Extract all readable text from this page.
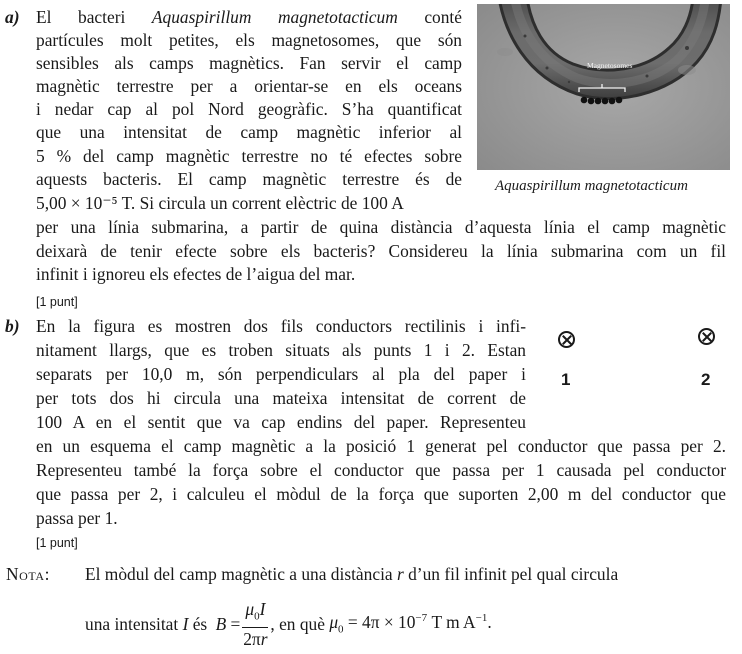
a) El bacteri Aquaspirillum magnetotacticum conté
partícules molt petites, els magnetosomes, que són
sensibles als camps magnètics. Fan servir el camp
magnètic terrestre per a orientar-se en els oceans
i nedar cap al pol Nord geogràfic. S’ha quantificat
que una intensitat de camp magnètic inferior al
5 % del camp magnètic terrestre no té efectes sobre
aquests bacteris. El camp magnètic terrestre és de
5,00 × 10⁻⁵ T. Si circula un corrent elèctric de 100 A
per una línia submarina, a partir de quina distància d’aquesta línia el camp magnètic
deixarà de tenir efecte sobre els bacteris? Considereu la línia submarina com un fil
infinit i ignoreu els efectes de l’aigua del mar.
[1 punt]
Magnetosomes
Aquaspirillum magnetotacticum
b) En la figura es mostren dos fils conductors rectilinis i infi-
nitament llargs, que es troben situats als punts 1 i 2. Estan
separats per 10,0 m, són perpendiculars al pla del paper i
per tots dos hi circula una mateixa intensitat de corrent de
100 A en el sentit que va cap endins del paper. Representeu
en un esquema el camp magnètic a la posició 1 generat pel conductor que passa per 2.
Representeu també la força sobre el conductor que passa per 1 causada pel conductor
que passa per 2, i calculeu el mòdul de la força que suporten 2,00 m del conductor que
passa per 1.
[1 punt]
1	2
Nota: El mòdul del camp magnètic a una distància r d’un fil infinit pel qual circula
una intensitat I és $B = \frac{\mu_0I}{2\pi r}$ , en què $\mu_0 = 4\pi \times 10^{-7}$ T m $A^{-1}$.
